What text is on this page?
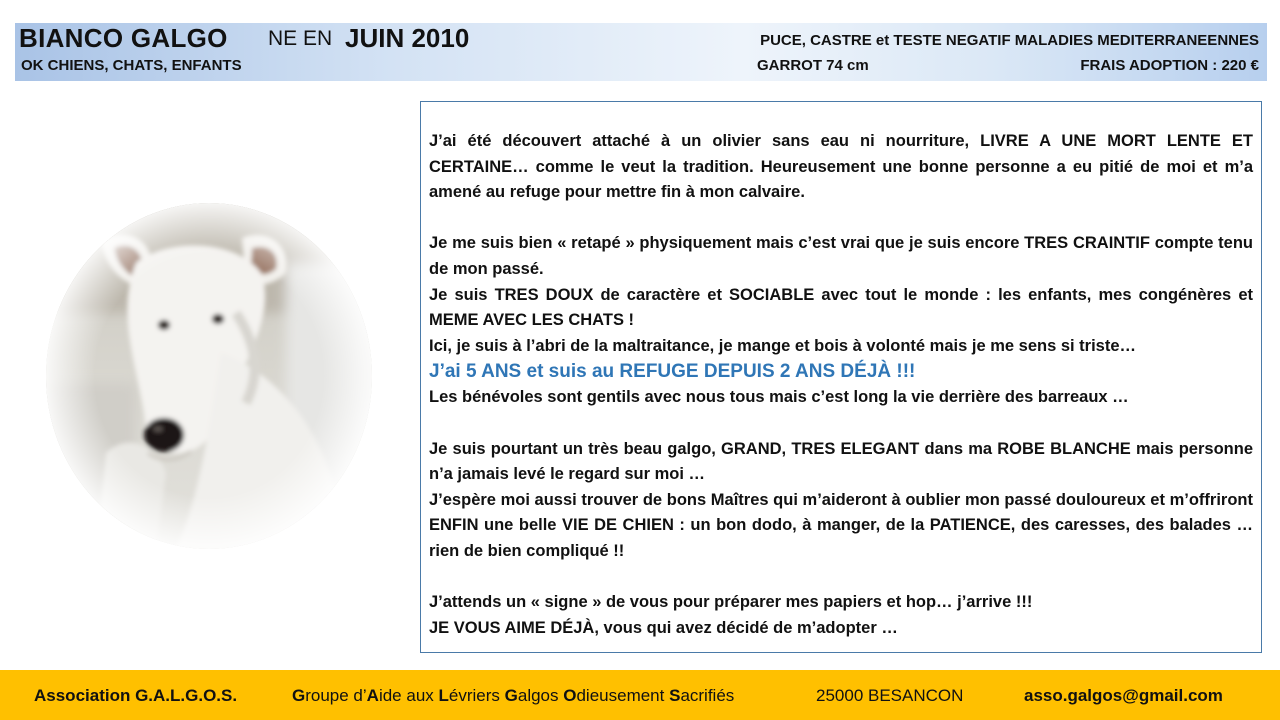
BIANCO GALGO NE EN JUIN 2010
OK CHIENS, CHATS, ENFANTS
PUCE, CASTRE et TESTE NEGATIF MALADIES MEDITERRANEENNES
GARROT 74 cm	FRAIS ADOPTION : 220 €

J’ai été découvert attaché à un olivier sans eau ni nourriture, LIVRE A UNE MORT LENTE ET CERTAINE… comme le veut la tradition. Heureusement une bonne personne a eu pitié de moi et m’a amené au refuge pour mettre fin à mon calvaire.

Je me suis bien « retapé » physiquement mais c’est vrai que je suis encore TRES CRAINTIF compte tenu de mon passé.

Je suis TRES DOUX de caractère et SOCIABLE avec tout le monde : les enfants, mes congénères et MEME AVEC LES CHATS !

Ici, je suis à l’abri de la maltraitance, je mange et bois à volonté mais je me sens si triste…

J’ai 5 ANS et suis au REFUGE DEPUIS 2 ANS DÉJÀ !!!

Les bénévoles sont gentils avec nous tous mais c’est long la vie derrière des barreaux …

Je suis pourtant un très beau galgo, GRAND, TRES ELEGANT dans ma ROBE BLANCHE mais personne n’a jamais levé le regard sur moi …

J’espère moi aussi trouver de bons Maîtres qui m’aideront à oublier mon passé douloureux et m’offriront ENFIN une belle VIE DE CHIEN : un bon dodo, à manger, de la PATIENCE, des caresses, des balades … rien de bien compliqué !!

J’attends un « signe » de vous pour préparer mes papiers et hop… j’arrive !!!

JE VOUS AIME DÉJÀ, vous qui avez décidé de m’adopter …

Association G.A.L.G.O.S.	Groupe d’Aide aux Lévriers Galgos Odieusement Sacrifiés	25000 BESANCON	asso.galgos@gmail.com
